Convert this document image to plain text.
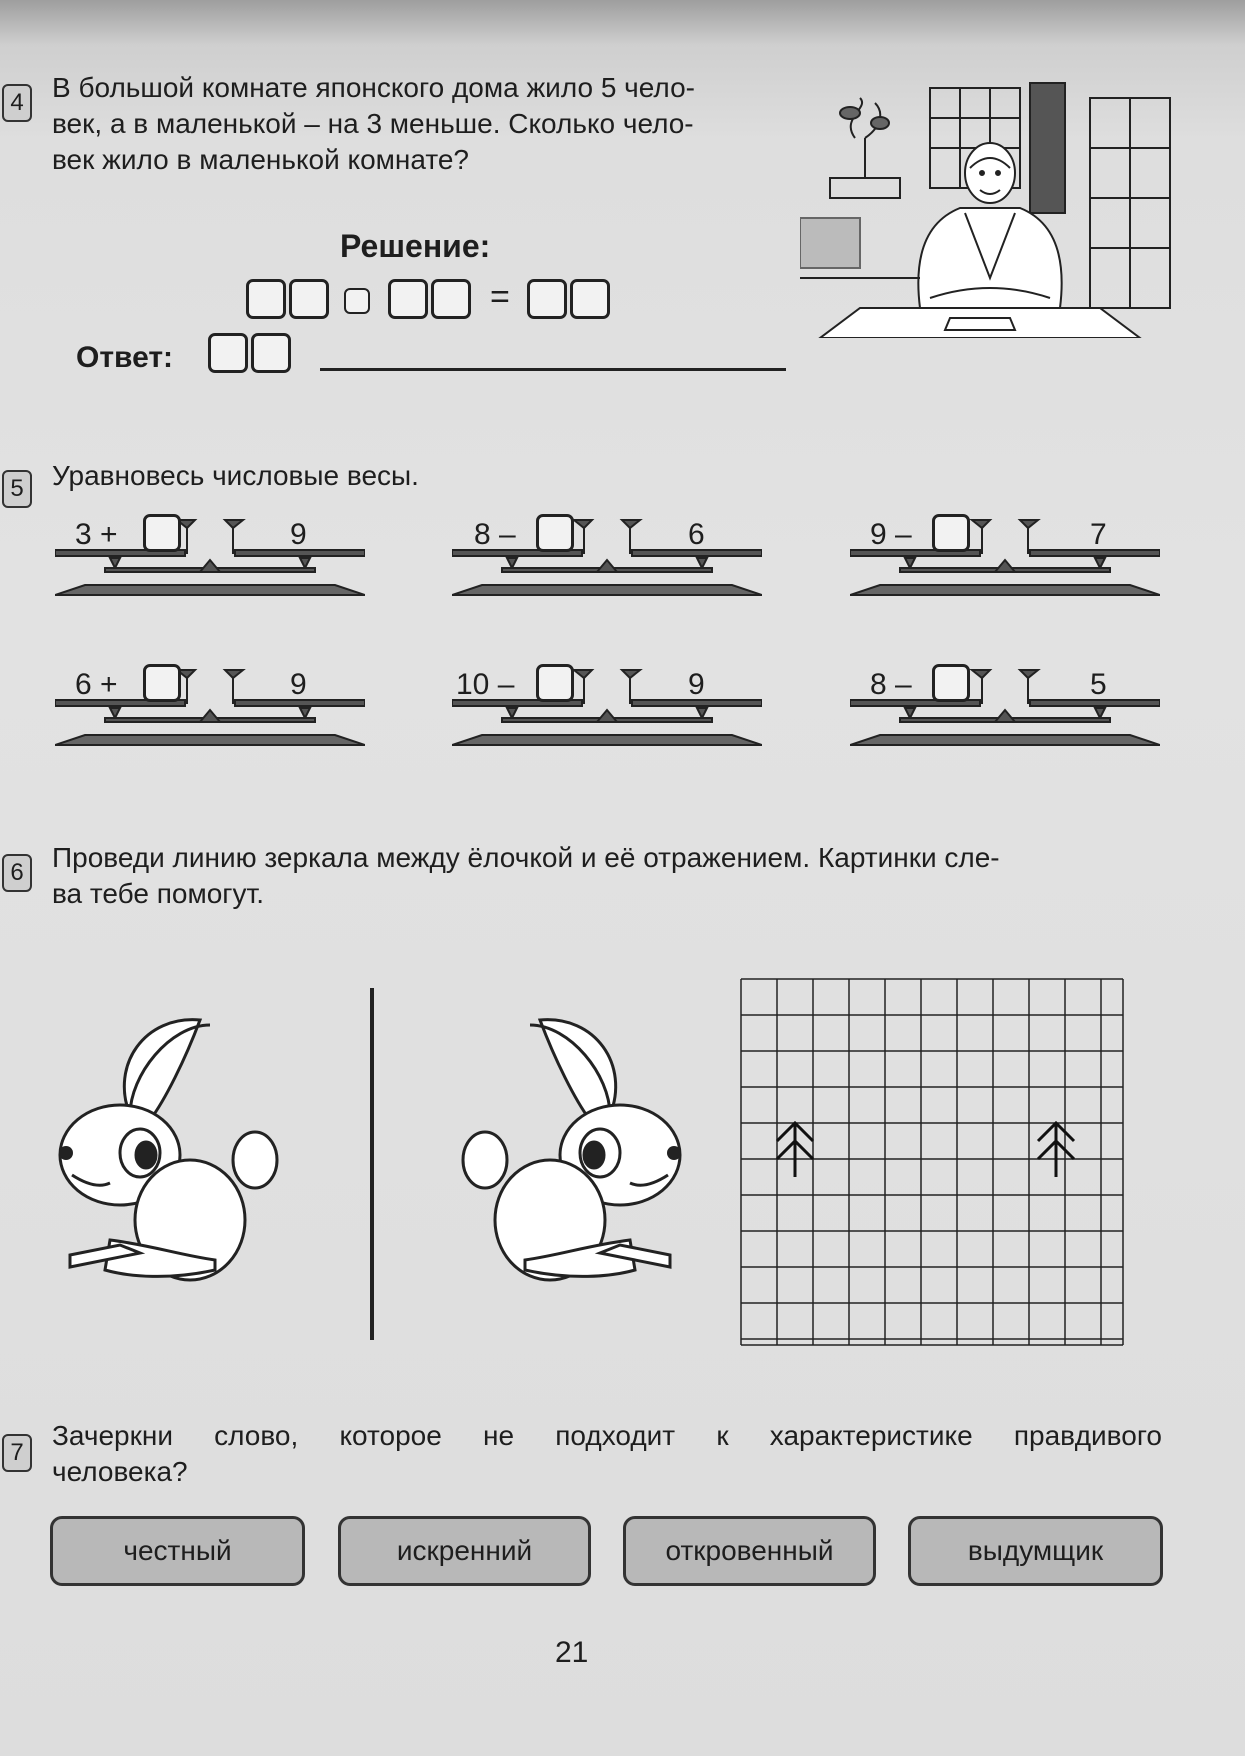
4 В большой комнате японского дома жило 5 чело-
век, а в маленькой – на 3 меньше. Сколько чело-
век жило в маленькой комнате?
Решение:
=
Ответ:
5 Уравновесь числовые весы.
3 +	9	8 –	6	9 –	7
6 +	9	10 –	9	8 –	5
6 Проведи линию зеркала между ёлочкой и её отражением. Картинки сле-
ва тебе помогут.
7
Зачеркни слово, которое не подходит к характеристике правдивого
человека?
честный	искренний	откровенный	выдумщик
21
